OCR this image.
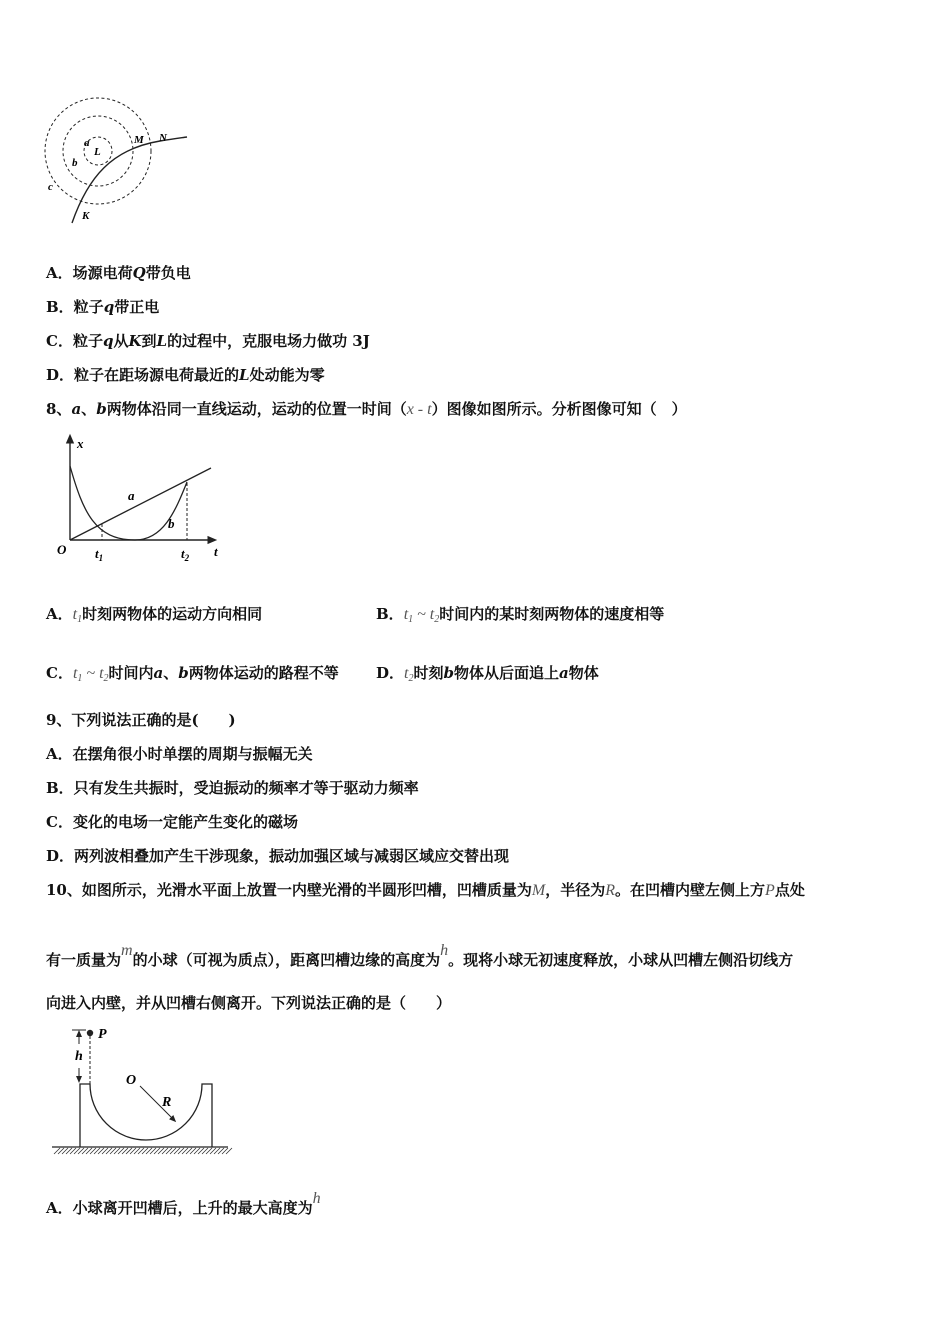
a
L
b
c
M N
K
A．场源电荷Q带负电
B．粒子q带正电
C．粒子q从K到L的过程中，克服电场力做功 3J
D．粒子在距场源电荷最近的L处动能为零
8、a、b两物体沿同一直线运动，运动的位置一时间（x - t）图像如图所示。分析图像可知（　）
x
t
O
a
b
$t_1$	$t_2$
A．$t_1$时刻两物体的运动方向相同	B．$t_1$ ~ $t_2$时间内的某时刻两物体的速度相等
C．$t_1$ ~ $t_2$时间内a、b两物体运动的路程不等 D．$t_2$时刻b物体从后面追上a物体
9、下列说法正确的是(　　)
A．在摆角很小时单摆的周期与振幅无关
B．只有发生共振时，受迫振动的频率才等于驱动力频率
C．变化的电场一定能产生变化的磁场
D．两列波相叠加产生干涉现象，振动加强区域与减弱区域应交替出现
10、如图所示，光滑水平面上放置一内壁光滑的半圆形凹槽，凹槽质量为M，半径为R。在凹槽内壁左侧上方P点处
有一质量为m的小球（可视为质点），距离凹槽边缘的高度为h。现将小球无初速度释放，小球从凹槽左侧沿切线方
向进入内壁，并从凹槽右侧离开。下列说法正确的是（　　）
h
P
O
R
A．小球离开凹槽后，上升的最大高度为h
